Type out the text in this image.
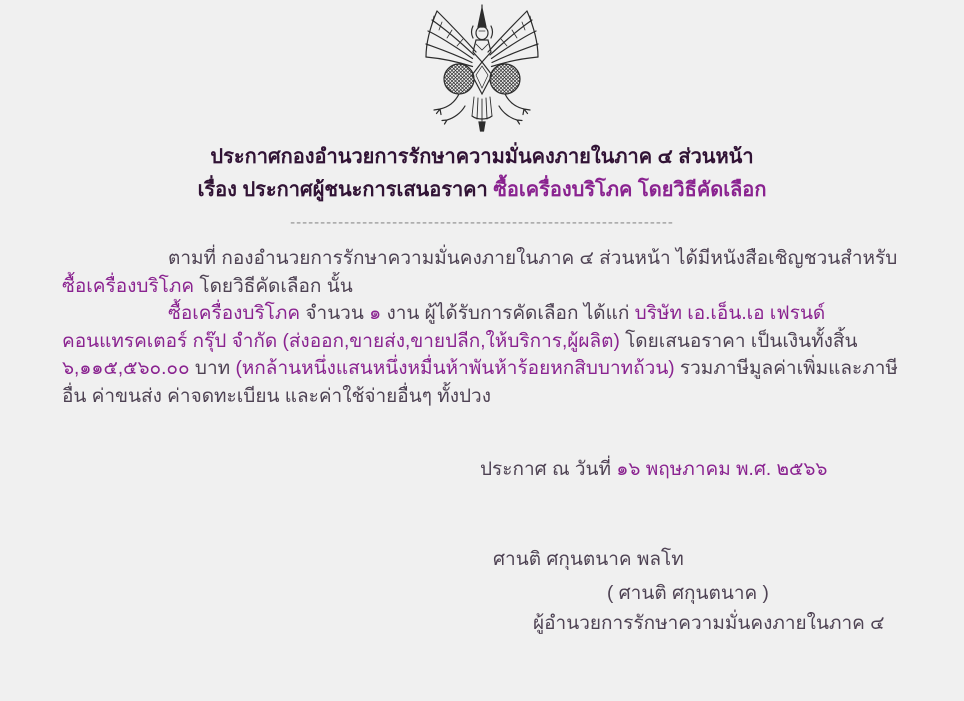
ประกาศกองอำนวยการรักษาความมั่นคงภายในภาค ๔ ส่วนหน้า
เรื่อง ประกาศผู้ชนะการเสนอราคา ซื้อเครื่องบริโภค โดยวิธีคัดเลือก
----------------------------------------------------------------

ตามที่ กองอำนวยการรักษาความมั่นคงภายในภาค ๔ ส่วนหน้า ได้มีหนังสือเชิญชวนสำหรับ ซื้อเครื่องบริโภค โดยวิธีคัดเลือก นั้น

ซื้อเครื่องบริโภค จำนวน ๑ งาน ผู้ได้รับการคัดเลือก ได้แก่ บริษัท เอ.เอ็น.เอ เฟรนด์ คอนแทรคเตอร์ กรุ๊ป จำกัด (ส่งออก,ขายส่ง,ขายปลีก,ให้บริการ,ผู้ผลิต) โดยเสนอราคา เป็นเงินทั้งสิ้น ๖,๑๑๕,๕๖๐.๐๐ บาท (หกล้านหนึ่งแสนหนึ่งหมื่นห้าพันห้าร้อยหกสิบบาทถ้วน) รวมภาษีมูลค่าเพิ่มและภาษีอื่น ค่าขนส่ง ค่าจดทะเบียน และค่าใช้จ่ายอื่นๆ ทั้งปวง

ประกาศ ณ วันที่ ๑๖ พฤษภาคม พ.ศ. ๒๕๖๖
ศานติ ศกุนตนาค พลโท
( ศานติ ศกุนตนาค )
ผู้อำนวยการรักษาความมั่นคงภายในภาค ๔
